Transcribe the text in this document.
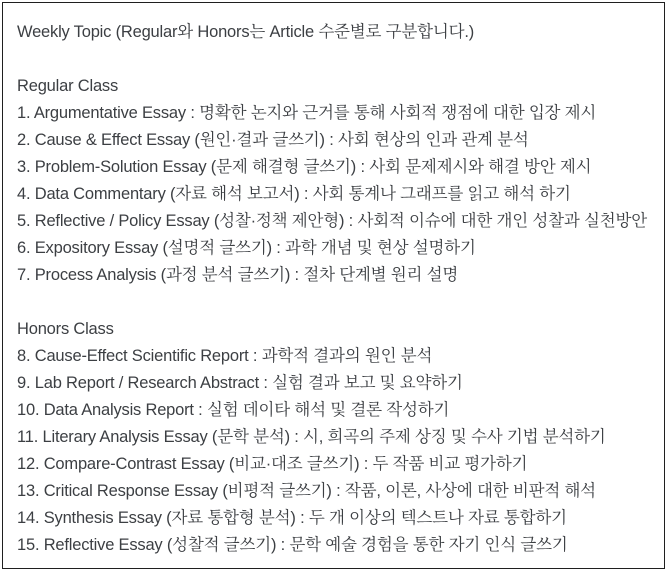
Weekly Topic (Regular와 Honors는 Article 수준별로 구분합니다.)
Regular Class
1. Argumentative Essay : 명확한 논지와 근거를 통해 사회적 쟁점에 대한 입장 제시
2. Cause & Effect Essay (원인·결과 글쓰기) : 사회 현상의 인과 관계 분석
3. Problem-Solution Essay (문제 해결형 글쓰기) : 사회 문제제시와 해결 방안 제시
4. Data Commentary (자료 해석 보고서) : 사회 통계나 그래프를 읽고 해석 하기
5. Reflective / Policy Essay (성찰·정책 제안형) : 사회적 이슈에 대한 개인 성찰과 실천방안
6. Expository Essay (설명적 글쓰기) : 과학 개념 및 현상 설명하기
7. Process Analysis (과정 분석 글쓰기) : 절차 단계별 원리 설명
Honors Class
8. Cause-Effect Scientific Report : 과학적 결과의 원인 분석
9. Lab Report / Research Abstract : 실험 결과 보고 및 요약하기
10. Data Analysis Report : 실험 데이타 해석 및 결론 작성하기
11. Literary Analysis Essay (문학 분석) : 시, 희곡의 주제 상징 및 수사 기법 분석하기
12. Compare-Contrast Essay (비교·대조 글쓰기) : 두 작품 비교 평가하기
13. Critical Response Essay (비평적 글쓰기) : 작품, 이론, 사상에 대한 비판적 해석
14. Synthesis Essay (자료 통합형 분석) : 두 개 이상의 텍스트나 자료 통합하기
15. Reflective Essay (성찰적 글쓰기) : 문학 예술 경험을 통한 자기 인식 글쓰기
